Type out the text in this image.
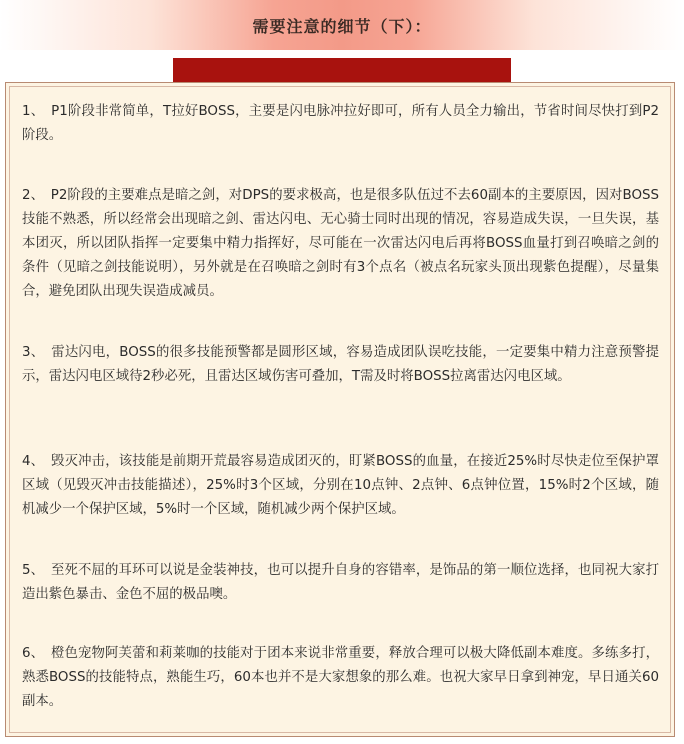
需要注意的细节（下）：

1、　P1阶段非常简单，T拉好BOSS，主要是闪电脉冲拉好即可，所有人员全力输出，节省时间尽快打到P2阶段。

2、　P2阶段的主要难点是暗之剑，对DPS的要求极高，也是很多队伍过不去60副本的主要原因，因对BOSS技能不熟悉，所以经常会出现暗之剑、雷达闪电、无心骑士同时出现的情况，容易造成失误，一旦失误，基本团灭，所以团队指挥一定要集中精力指挥好，尽可能在一次雷达闪电后再将BOSS血量打到召唤暗之剑的条件（见暗之剑技能说明），另外就是在召唤暗之剑时有3个点名（被点名玩家头顶出现紫色提醒），尽量集合，避免团队出现失误造成减员。

3、　雷达闪电，BOSS的很多技能预警都是圆形区域，容易造成团队误吃技能，一定要集中精力注意预警提示，雷达闪电区域待2秒必死，且雷达区域伤害可叠加，T需及时将BOSS拉离雷达闪电区域。

4、　毁灭冲击，该技能是前期开荒最容易造成团灭的，盯紧BOSS的血量，在接近25%时尽快走位至保护罩区域（见毁灭冲击技能描述），25%时3个区域，分别在10点钟、2点钟、6点钟位置，15%时2个区域，随机减少一个保护区域，5%时一个区域，随机减少两个保护区域。

5、　至死不屈的耳环可以说是金装神技，也可以提升自身的容错率，是饰品的第一顺位选择，也同祝大家打造出紫色暴击、金色不屈的极品噢。

6、　橙色宠物阿芙蕾和莉莱咖的技能对于团本来说非常重要，释放合理可以极大降低副本难度。多练多打，熟悉BOSS的技能特点，熟能生巧，60本也并不是大家想象的那么难。也祝大家早日拿到神宠，早日通关60副本。
